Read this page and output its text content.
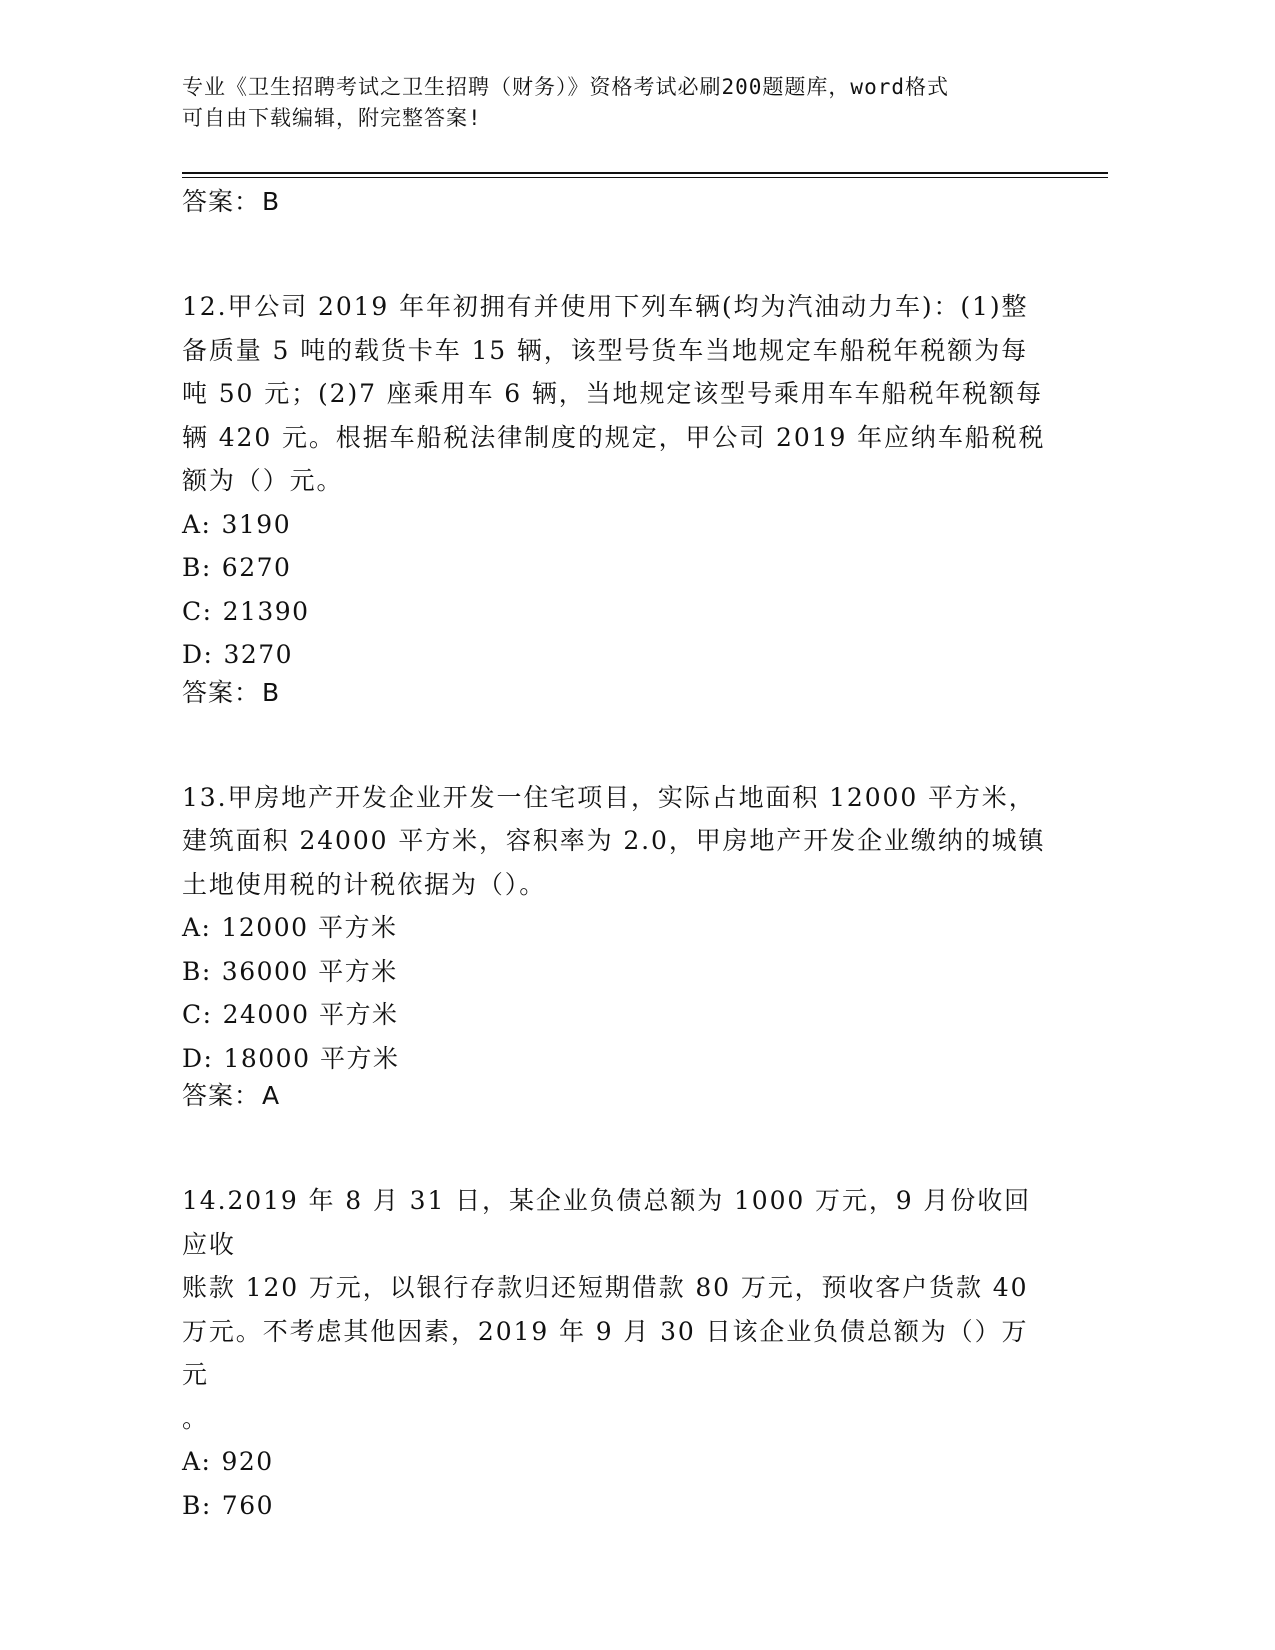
专业《卫生招聘考试之卫生招聘（财务）》资格考试必刷200题题库，word格式
可自由下载编辑，附完整答案!
答案：B
12.甲公司 2019 年年初拥有并使用下列车辆(均为汽油动力车)：(1)整
备质量 5 吨的载货卡车 15 辆，该型号货车当地规定车船税年税额为每
吨 50 元；(2)7 座乘用车 6 辆，当地规定该型号乘用车车船税年税额每
辆 420 元。根据车船税法律制度的规定，甲公司 2019 年应纳车船税税
额为（）元。
A: 3190
B: 6270
C: 21390
D: 3270
答案：B
13.甲房地产开发企业开发一住宅项目，实际占地面积 12000 平方米，
建筑面积 24000 平方米，容积率为 2.0，甲房地产开发企业缴纳的城镇
土地使用税的计税依据为（）。
A: 12000 平方米
B: 36000 平方米
C: 24000 平方米
D: 18000 平方米
答案：A
14.2019 年 8 月 31 日，某企业负债总额为 1000 万元，9 月份收回应收
账款 120 万元，以银行存款归还短期借款 80 万元，预收客户货款 40
万元。不考虑其他因素，2019 年 9 月 30 日该企业负债总额为（）万元
。
A: 920
B: 760
